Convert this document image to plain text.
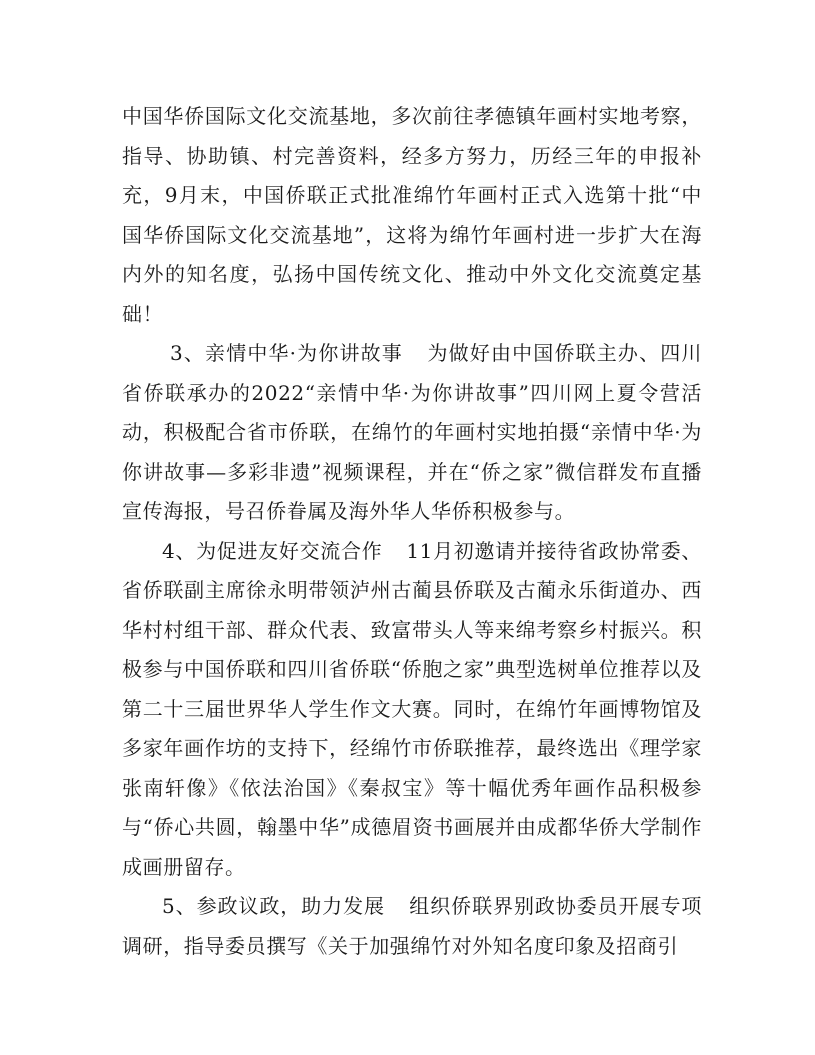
中国华侨国际文化交流基地，多次前往孝德镇年画村实地考察，指导、协助镇、村完善资料，经多方努力，历经三年的申报补充，9月末，中国侨联正式批准绵竹年画村正式入选第十批“中国华侨国际文化交流基地”，这将为绵竹年画村进一步扩大在海内外的知名度，弘扬中国传统文化、推动中外文化交流奠定基础！

3、亲情中华·为你讲故事 为做好由中国侨联主办、四川省侨联承办的2022“亲情中华·为你讲故事”四川网上夏令营活动，积极配合省市侨联，在绵竹的年画村实地拍摄“亲情中华·为你讲故事—多彩非遗”视频课程，并在“侨之家”微信群发布直播宣传海报，号召侨眷属及海外华人华侨积极参与。

4、为促进友好交流合作 11月初邀请并接待省政协常委、省侨联副主席徐永明带领泸州古蔺县侨联及古蔺永乐街道办、西华村村组干部、群众代表、致富带头人等来绵考察乡村振兴。积极参与中国侨联和四川省侨联“侨胞之家”典型选树单位推荐以及第二十三届世界华人学生作文大赛。同时，在绵竹年画博物馆及多家年画作坊的支持下，经绵竹市侨联推荐，最终选出《理学家张南轩像》《依法治国》《秦叔宝》等十幅优秀年画作品积极参与“侨心共圆，翰墨中华”成德眉资书画展并由成都华侨大学制作成画册留存。

5、参政议政，助力发展 组织侨联界别政协委员开展专项调研，指导委员撰写《关于加强绵竹对外知名度印象及招商引
